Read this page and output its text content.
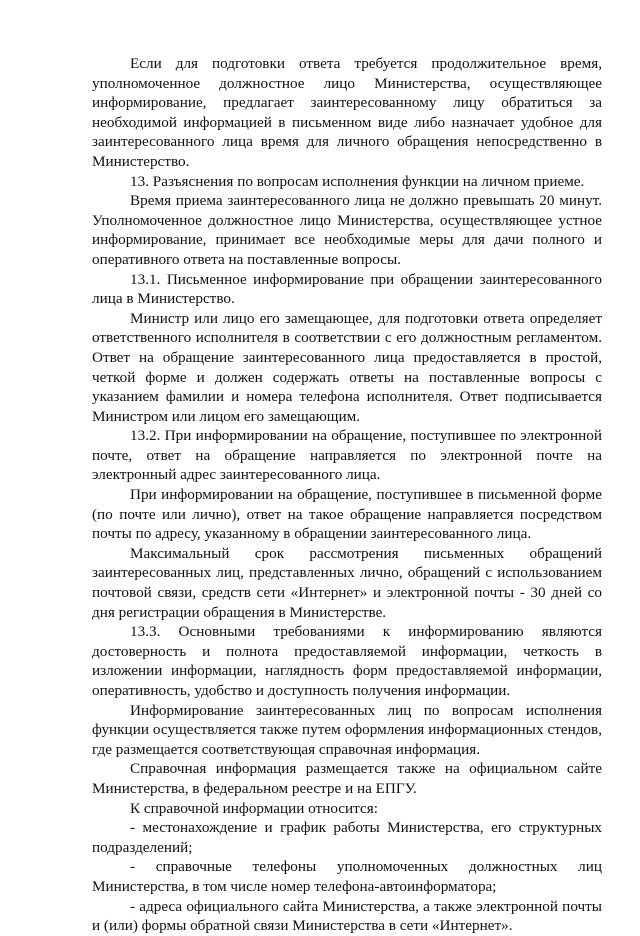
Если для подготовки ответа требуется продолжительное время, уполномоченное должностное лицо Министерства, осуществляющее информирование, предлагает заинтересованному лицу обратиться за необходимой информацией в письменном виде либо назначает удобное для заинтересованного лица время для личного обращения непосредственно в Министерство.

13. Разъяснения по вопросам исполнения функции на личном приеме.

Время приема заинтересованного лица не должно превышать 20 минут. Уполномоченное должностное лицо Министерства, осуществляющее устное информирование, принимает все необходимые меры для дачи полного и оперативного ответа на поставленные вопросы.

13.1. Письменное информирование при обращении заинтересованного лица в Министерство.

Министр или лицо его замещающее, для подготовки ответа определяет ответственного исполнителя в соответствии с его должностным регламентом. Ответ на обращение заинтересованного лица предоставляется в простой, четкой форме и должен содержать ответы на поставленные вопросы с указанием фамилии и номера телефона исполнителя. Ответ подписывается Министром или лицом его замещающим.

13.2. При информировании на обращение, поступившее по электронной почте, ответ на обращение направляется по электронной почте на электронный адрес заинтересованного лица.

При информировании на обращение, поступившее в письменной форме (по почте или лично), ответ на такое обращение направляется посредством почты по адресу, указанному в обращении заинтересованного лица.

Максимальный срок рассмотрения письменных обращений заинтересованных лиц, представленных лично, обращений с использованием почтовой связи, средств сети «Интернет» и электронной почты - 30 дней со дня регистрации обращения в Министерстве.

13.3. Основными требованиями к информированию являются достоверность и полнота предоставляемой информации, четкость в изложении информации, наглядность форм предоставляемой информации, оперативность, удобство и доступность получения информации.

Информирование заинтересованных лиц по вопросам исполнения функции осуществляется также путем оформления информационных стендов, где размещается соответствующая справочная информация.

Справочная информация размещается также на официальном сайте Министерства, в федеральном реестре и на ЕПГУ.

К справочной информации относится:

- местонахождение и график работы Министерства, его структурных подразделений;

- справочные телефоны уполномоченных должностных лиц Министерства, в том числе номер телефона-автоинформатора;

- адреса официального сайта Министерства, а также электронной почты и (или) формы обратной связи Министерства в сети «Интернет».
